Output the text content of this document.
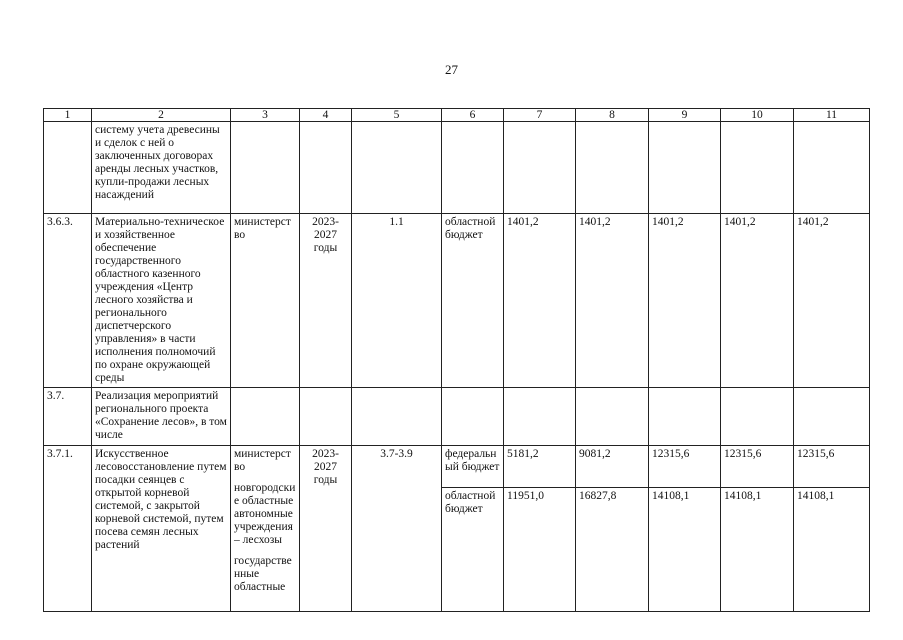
27
1	2	3	4	5	6	7	8	9	10	11
	систему учета древесины и сделок с ней о заключенных договорах аренды лесных участков, купли-продажи лесных насаждений									
3.6.3.	Материально-техническое и хозяйственное обеспечение государственного областного казенного учреждения «Центр лесного хозяйства и регионального диспетчерского управления» в части исполнения полномочий по охране окружающей среды	министерство	2023-2027 годы	1.1	областной бюджет	1401,2	1401,2	1401,2	1401,2	1401,2
3.7.	Реализация мероприятий регионального проекта «Сохранение лесов», в том числе									
3.7.1.	Искусственное лесовосстановление путем посадки сеянцев с открытой корневой системой, с закрытой корневой системой, путем посева семян лесных растений	министерство
новгородские областные автономные учреждения – лесхозы
государственные областные	2023-2027 годы	3.7-3.9	федеральный бюджет	5181,2	9081,2	12315,6	12315,6	12315,6
					областной бюджет	11951,0	16827,8	14108,1	14108,1	14108,1
